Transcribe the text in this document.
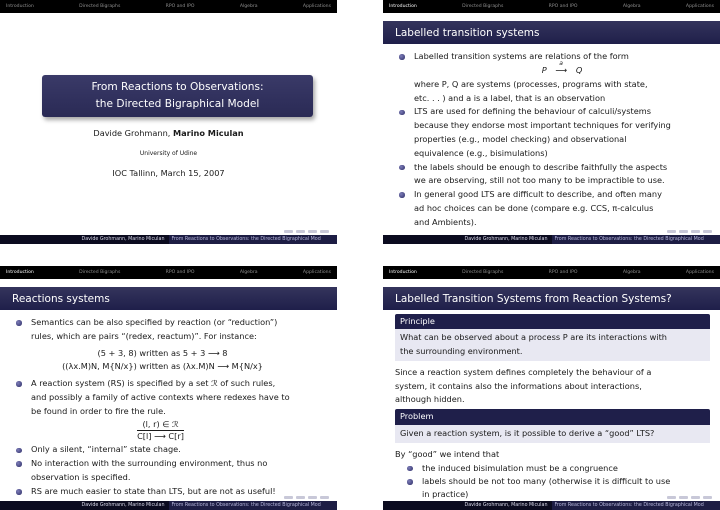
Introduction	Directed Bigraphs	RPO and IPO	Algebra	Applications
From Reactions to Observations:
the Directed Bigraphical Model
Davide Grohmann, Marino Miculan
University of Udine
IOC Tallinn, March 15, 2007
Davide Grohmann, Marino Miculan	From Reactions to Observations: the Directed Bigraphical Mod
Introduction	Directed Bigraphs	RPO and IPO	Algebra	Applications
Labelled transition systems
Labelled transition systems are relations of the form
P
a
⟶ Q
where P, Q are systems (processes, programs with state,
etc. . . ) and a is a label, that is an observation
LTS are used for defining the behaviour of calculi/systems
because they endorse most important techniques for verifying
properties (e.g., model checking) and observational
equivalence (e.g., bisimulations)
the labels should be enough to describe faithfully the aspects
we are observing, still not too many to be impractible to use.
In general good LTS are difficult to describe, and often many
ad hoc choices can be done (compare e.g. CCS, π-calculus
and Ambients).
Davide Grohmann, Marino Miculan	From Reactions to Observations: the Directed Bigraphical Mod
Introduction	Directed Bigraphs	RPO and IPO	Algebra	Applications
Reactions systems
Semantics can be also specified by reaction (or “reduction”)
rules, which are pairs “(redex, reactum)”. For instance:
(5 + 3, 8) written as 5 + 3 ⟶ 8
((λx.M)N, M{N/x}) written as (λx.M)N ⟶ M{N/x}
A reaction system (RS) is specified by a set ℛ of such rules,
and possibly a family of active contexts where redexes have to
be found in order to fire the rule.
(l, r) ∈ ℛ
C[l] ⟶ C[r]
Only a silent, “internal” state chage.
No interaction with the surrounding environment, thus no
observation is specified.
RS are much easier to state than LTS, but are not as useful!
Davide Grohmann, Marino Miculan	From Reactions to Observations: the Directed Bigraphical Mod
Introduction	Directed Bigraphs	RPO and IPO	Algebra	Applications
Labelled Transition Systems from Reaction Systems?
Principle
What can be observed about a process P are its interactions with
the surrounding environment.
Since a reaction system defines completely the behaviour of a
system, it contains also the informations about interactions,
although hidden.
Problem
Given a reaction system, is it possible to derive a “good” LTS?
By “good” we intend that
the induced bisimulation must be a congruence
labels should be not too many (otherwise it is difficult to use
in practice)
Davide Grohmann, Marino Miculan	From Reactions to Observations: the Directed Bigraphical Mod
